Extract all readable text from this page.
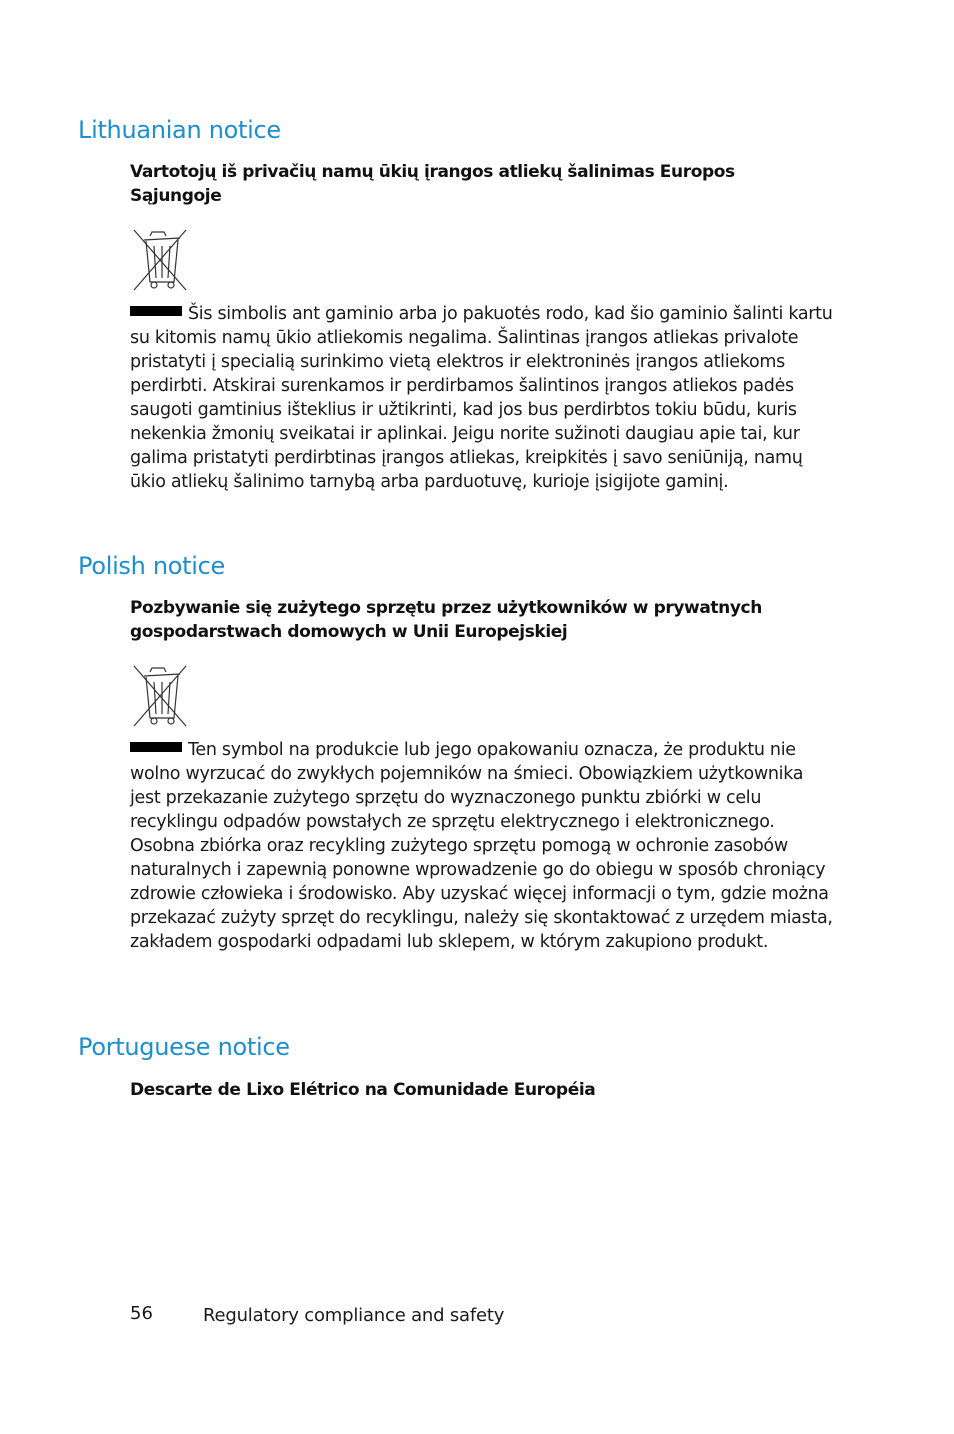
Lithuanian notice

Vartotojų iš privačių namų ūkių įrangos atliekų šalinimas Europos Sąjungoje

Šis simbolis ant gaminio arba jo pakuotės rodo, kad šio gaminio šalinti kartu su kitomis namų ūkio atliekomis negalima. Šalintinas įrangos atliekas privalote pristatyti į specialią surinkimo vietą elektros ir elektroninės įrangos atliekoms perdirbti. Atskirai surenkamos ir perdirbamos šalintinos įrangos atliekos padės saugoti gamtinius išteklius ir užtikrinti, kad jos bus perdirbtos tokiu būdu, kuris nekenkia žmonių sveikatai ir aplinkai. Jeigu norite sužinoti daugiau apie tai, kur galima pristatyti perdirbtinas įrangos atliekas, kreipkitės į savo seniūniją, namų ūkio atliekų šalinimo tarnybą arba parduotuvę, kurioje įsigijote gaminį.

Polish notice

Pozbywanie się zużytego sprzętu przez użytkowników w prywatnych gospodarstwach domowych w Unii Europejskiej

Ten symbol na produkcie lub jego opakowaniu oznacza, że produktu nie wolno wyrzucać do zwykłych pojemników na śmieci. Obowiązkiem użytkownika jest przekazanie zużytego sprzętu do wyznaczonego punktu zbiórki w celu recyklingu odpadów powstałych ze sprzętu elektrycznego i elektronicznego. Osobna zbiórka oraz recykling zużytego sprzętu pomogą w ochronie zasobów naturalnych i zapewnią ponowne wprowadzenie go do obiegu w sposób chroniący zdrowie człowieka i środowisko. Aby uzyskać więcej informacji o tym, gdzie można przekazać zużyty sprzęt do recyklingu, należy się skontaktować z urzędem miasta, zakładem gospodarki odpadami lub sklepem, w którym zakupiono produkt.

Portuguese notice

Descarte de Lixo Elétrico na Comunidade Européia

56	Regulatory compliance and safety
